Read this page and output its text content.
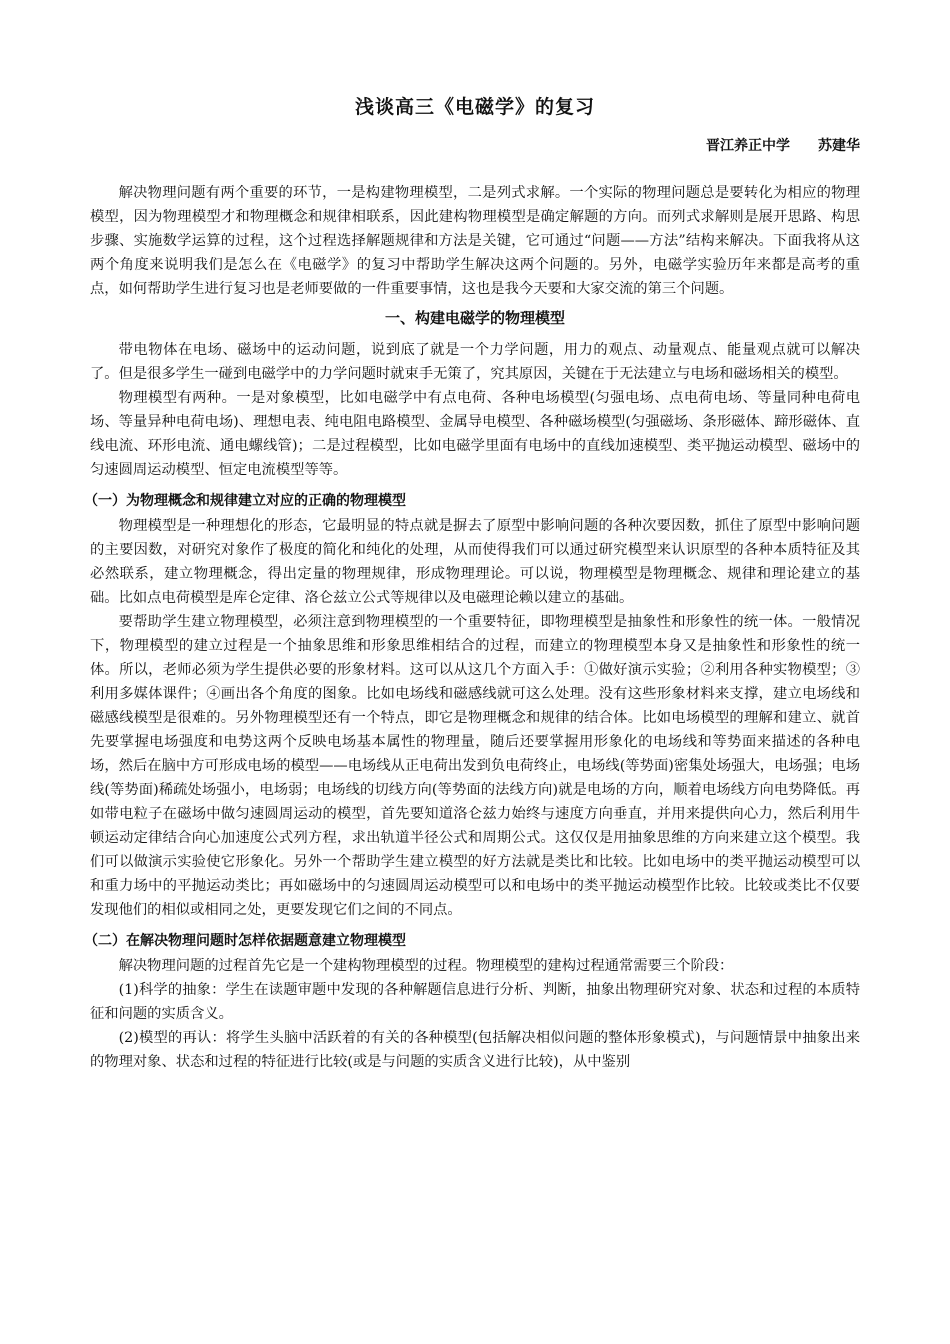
浅谈高三《电磁学》的复习
晋江养正中学 苏建华

解决物理问题有两个重要的环节，一是构建物理模型，二是列式求解。一个实际的物理问题总是要转化为相应的物理模型，因为物理模型才和物理概念和规律相联系，因此建构物理模型是确定解题的方向。而列式求解则是展开思路、构思步骤、实施数学运算的过程，这个过程选择解题规律和方法是关键，它可通过“问题——方法”结构来解决。下面我将从这两个角度来说明我们是怎么在《电磁学》的复习中帮助学生解决这两个问题的。另外，电磁学实验历年来都是高考的重点，如何帮助学生进行复习也是老师要做的一件重要事情，这也是我今天要和大家交流的第三个问题。

一、构建电磁学的物理模型

带电物体在电场、磁场中的运动问题，说到底了就是一个力学问题，用力的观点、动量观点、能量观点就可以解决了。但是很多学生一碰到电磁学中的力学问题时就束手无策了，究其原因，关键在于无法建立与电场和磁场相关的模型。

物理模型有两种。一是对象模型，比如电磁学中有点电荷、各种电场模型(匀强电场、点电荷电场、等量同种电荷电场、等量异种电荷电场)、理想电表、纯电阻电路模型、金属导电模型、各种磁场模型(匀强磁场、条形磁体、蹄形磁体、直线电流、环形电流、通电螺线管)；二是过程模型，比如电磁学里面有电场中的直线加速模型、类平抛运动模型、磁场中的匀速圆周运动模型、恒定电流模型等等。

（一）为物理概念和规律建立对应的正确的物理模型

物理模型是一种理想化的形态，它最明显的特点就是摒去了原型中影响问题的各种次要因数，抓住了原型中影响问题的主要因数，对研究对象作了极度的简化和纯化的处理，从而使得我们可以通过研究模型来认识原型的各种本质特征及其必然联系，建立物理概念，得出定量的物理规律，形成物理理论。可以说，物理模型是物理概念、规律和理论建立的基础。比如点电荷模型是库仑定律、洛仑兹立公式等规律以及电磁理论赖以建立的基础。

要帮助学生建立物理模型，必须注意到物理模型的一个重要特征，即物理模型是抽象性和形象性的统一体。一般情况下，物理模型的建立过程是一个抽象思维和形象思维相结合的过程，而建立的物理模型本身又是抽象性和形象性的统一体。所以，老师必须为学生提供必要的形象材料。这可以从这几个方面入手：①做好演示实验；②利用各种实物模型；③利用多媒体课件；④画出各个角度的图象。比如电场线和磁感线就可这么处理。没有这些形象材料来支撑，建立电场线和磁感线模型是很难的。另外物理模型还有一个特点，即它是物理概念和规律的结合体。比如电场模型的理解和建立、就首先要掌握电场强度和电势这两个反映电场基本属性的物理量，随后还要掌握用形象化的电场线和等势面来描述的各种电场，然后在脑中方可形成电场的模型——电场线从正电荷出发到负电荷终止，电场线(等势面)密集处场强大，电场强；电场线(等势面)稀疏处场强小，电场弱；电场线的切线方向(等势面的法线方向)就是电场的方向，顺着电场线方向电势降低。再如带电粒子在磁场中做匀速圆周运动的模型，首先要知道洛仑兹力始终与速度方向垂直，并用来提供向心力，然后利用牛顿运动定律结合向心加速度公式列方程，求出轨道半径公式和周期公式。这仅仅是用抽象思维的方向来建立这个模型。我们可以做演示实验使它形象化。另外一个帮助学生建立模型的好方法就是类比和比较。比如电场中的类平抛运动模型可以和重力场中的平抛运动类比；再如磁场中的匀速圆周运动模型可以和电场中的类平抛运动模型作比较。比较或类比不仅要发现他们的相似或相同之处，更要发现它们之间的不同点。

（二）在解决物理问题时怎样依据题意建立物理模型

解决物理问题的过程首先它是一个建构物理模型的过程。物理模型的建构过程通常需要三个阶段：

(1)科学的抽象：学生在读题审题中发现的各种解题信息进行分析、判断，抽象出物理研究对象、状态和过程的本质特征和问题的实质含义。

(2)模型的再认：将学生头脑中活跃着的有关的各种模型(包括解决相似问题的整体形象模式)，与问题情景中抽象出来的物理对象、状态和过程的特征进行比较(或是与问题的实质含义进行比较)，从中鉴别
